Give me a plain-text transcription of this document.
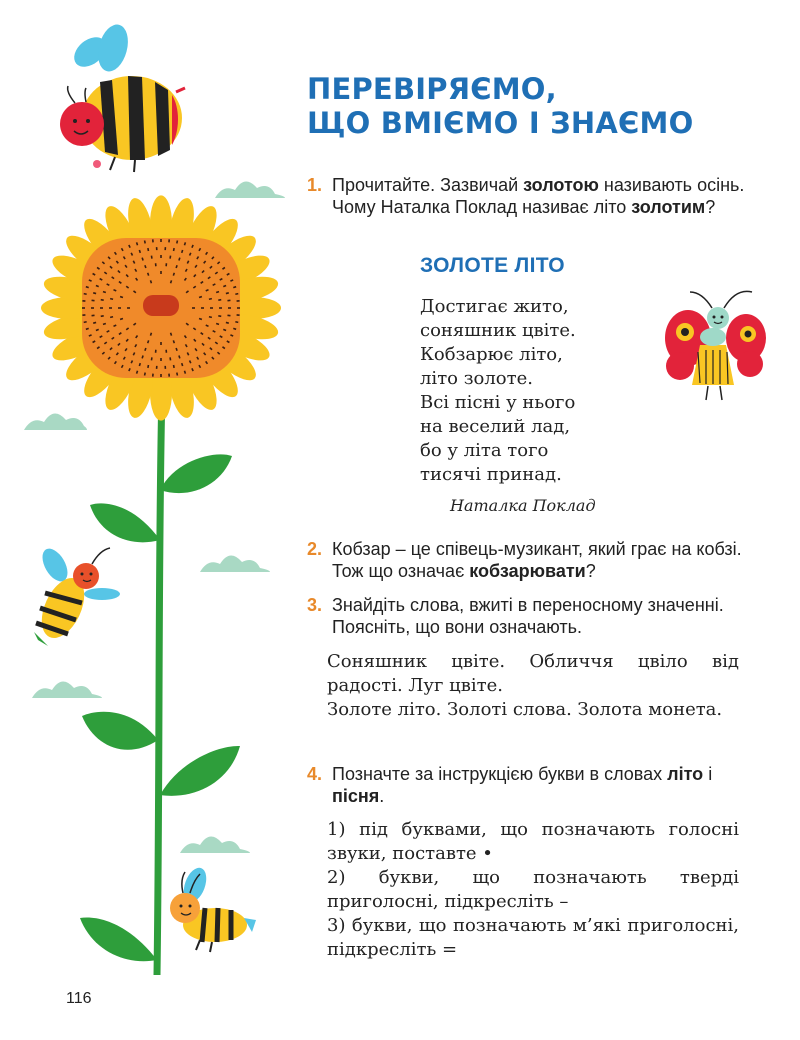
ПЕРЕВІРЯЄМО,
ЩО ВМІЄМО І ЗНАЄМО
1. Прочитайте. Зазвичай золотою називають осінь. Чому Наталка Поклад називає літо золотим?
ЗОЛОТЕ ЛІТО
Достигає жито,
соняшник цвіте.
Кобзарює літо,
літо золоте.
Всі пісні у нього
на веселий лад,
бо у літа того
тисячі принад.
Наталка Поклад
2. Кобзар – це співець-музикант, який грає на кобзі. Тож що означає кобзарювати?
3. Знайдіть слова, вжиті в переносному значенні. Поясніть, що вони означають.

Соняшник цвіте. Обличчя цвіло від радості. Луг цвіте.

Золоте літо. Золоті слова. Золота монета.

4. Позначте за інструкцією букви в словах літо і пісня.

1) під буквами, що позначають голосні звуки, поставте •

2) букви, що позначають тверді приголосні, підкресліть –

3) букви, що позначають м’які приголосні, підкресліть =

116
